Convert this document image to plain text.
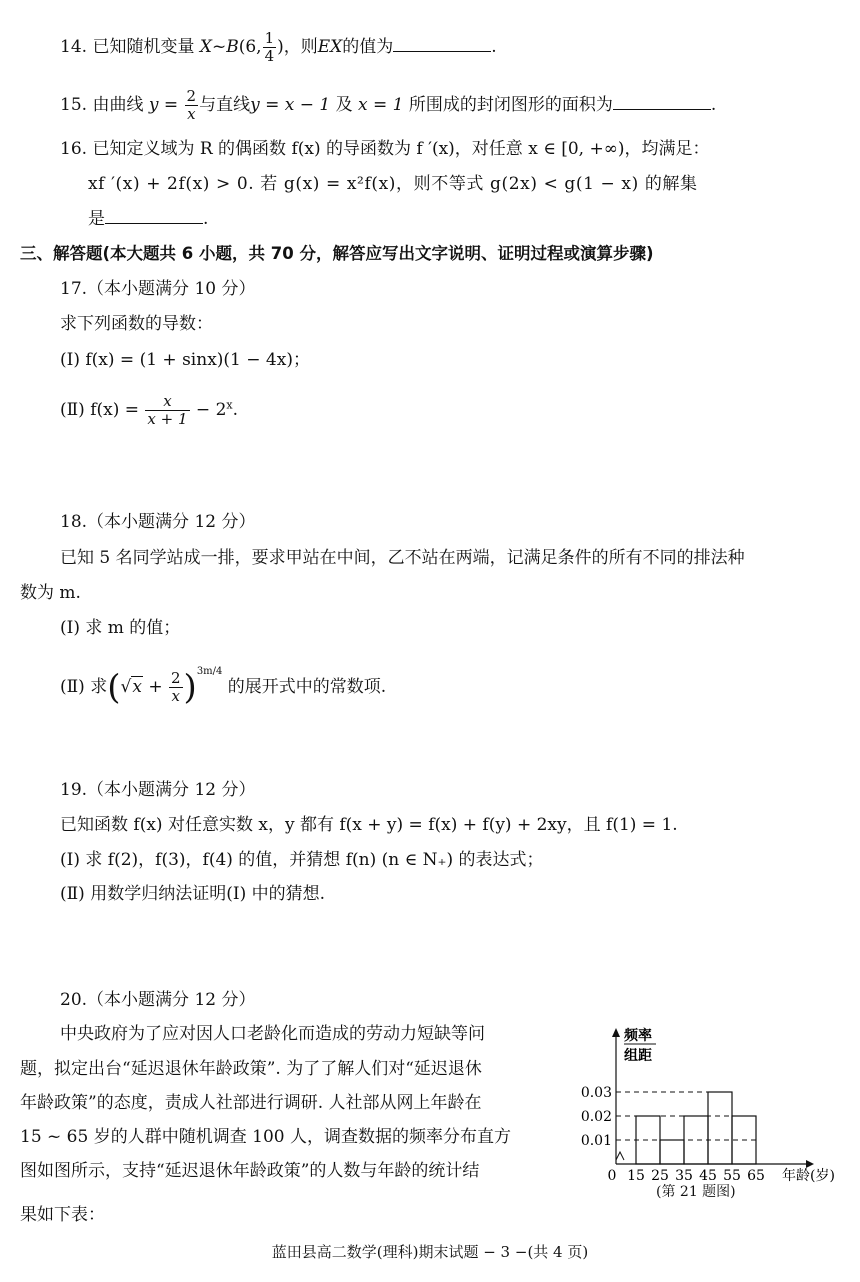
14. 已知随机变量 X~B(6, $\frac{1}{4}$ )，则EX的值为	.
15. 由曲线 $y = \frac{2}{x}$ 与直线y = x − 1 及 x = 1 所围成的封闭图形的面积为	.
16. 已知定义域为 R 的偶函数 f(x) 的导函数为 f ′(x)，对任意 x ∈ [0, +∞)，均满足：
xf ′(x) + 2f(x) > 0. 若 g(x) = x²f(x)，则不等式 g(2x) < g(1 − x) 的解集
是	.
三、解答题(本大题共 6 小题，共 70 分，解答应写出文字说明、证明过程或演算步骤)
17.（本小题满分 10 分）
求下列函数的导数：
(Ⅰ) f(x) = (1 + sinx)(1 − 4x)；
(Ⅱ) $f(x) = \frac{x}{x + 1} - 2^x$.
18.（本小题满分 12 分）
已知 5 名同学站成一排，要求甲站在中间，乙不站在两端，记满足条件的所有不同的排法种
数为 m.
(Ⅰ) 求 m 的值；
(Ⅱ) 求$(√x + \frac{2}{x} )^{3m/4}$ 的展开式中的常数项.
19.（本小题满分 12 分）
已知函数 f(x) 对任意实数 x，y 都有 f(x + y) = f(x) + f(y) + 2xy，且 f(1) = 1.
(Ⅰ) 求 f(2)，f(3)，f(4) 的值，并猜想 f(n) (n ∈ N₊) 的表达式；
(Ⅱ) 用数学归纳法证明(Ⅰ) 中的猜想.
20.（本小题满分 12 分）
中央政府为了应对因人口老龄化而造成的劳动力短缺等问
题，拟定出台“延迟退休年龄政策”. 为了了解人们对“延迟退休
年龄政策”的态度，责成人社部进行调研. 人社部从网上年龄在
15 ~ 65 岁的人群中随机调查 100 人，调查数据的频率分布直方
图如图所示，支持“延迟退休年龄政策”的人数与年龄的统计结
果如下表：
频率
组距
0.01
0.02
0.03
0 15 25 35 45 55 65 年龄(岁)
(第 21 题图)
蓝田县高二数学(理科)期末试题 − 3 −(共 4 页)
